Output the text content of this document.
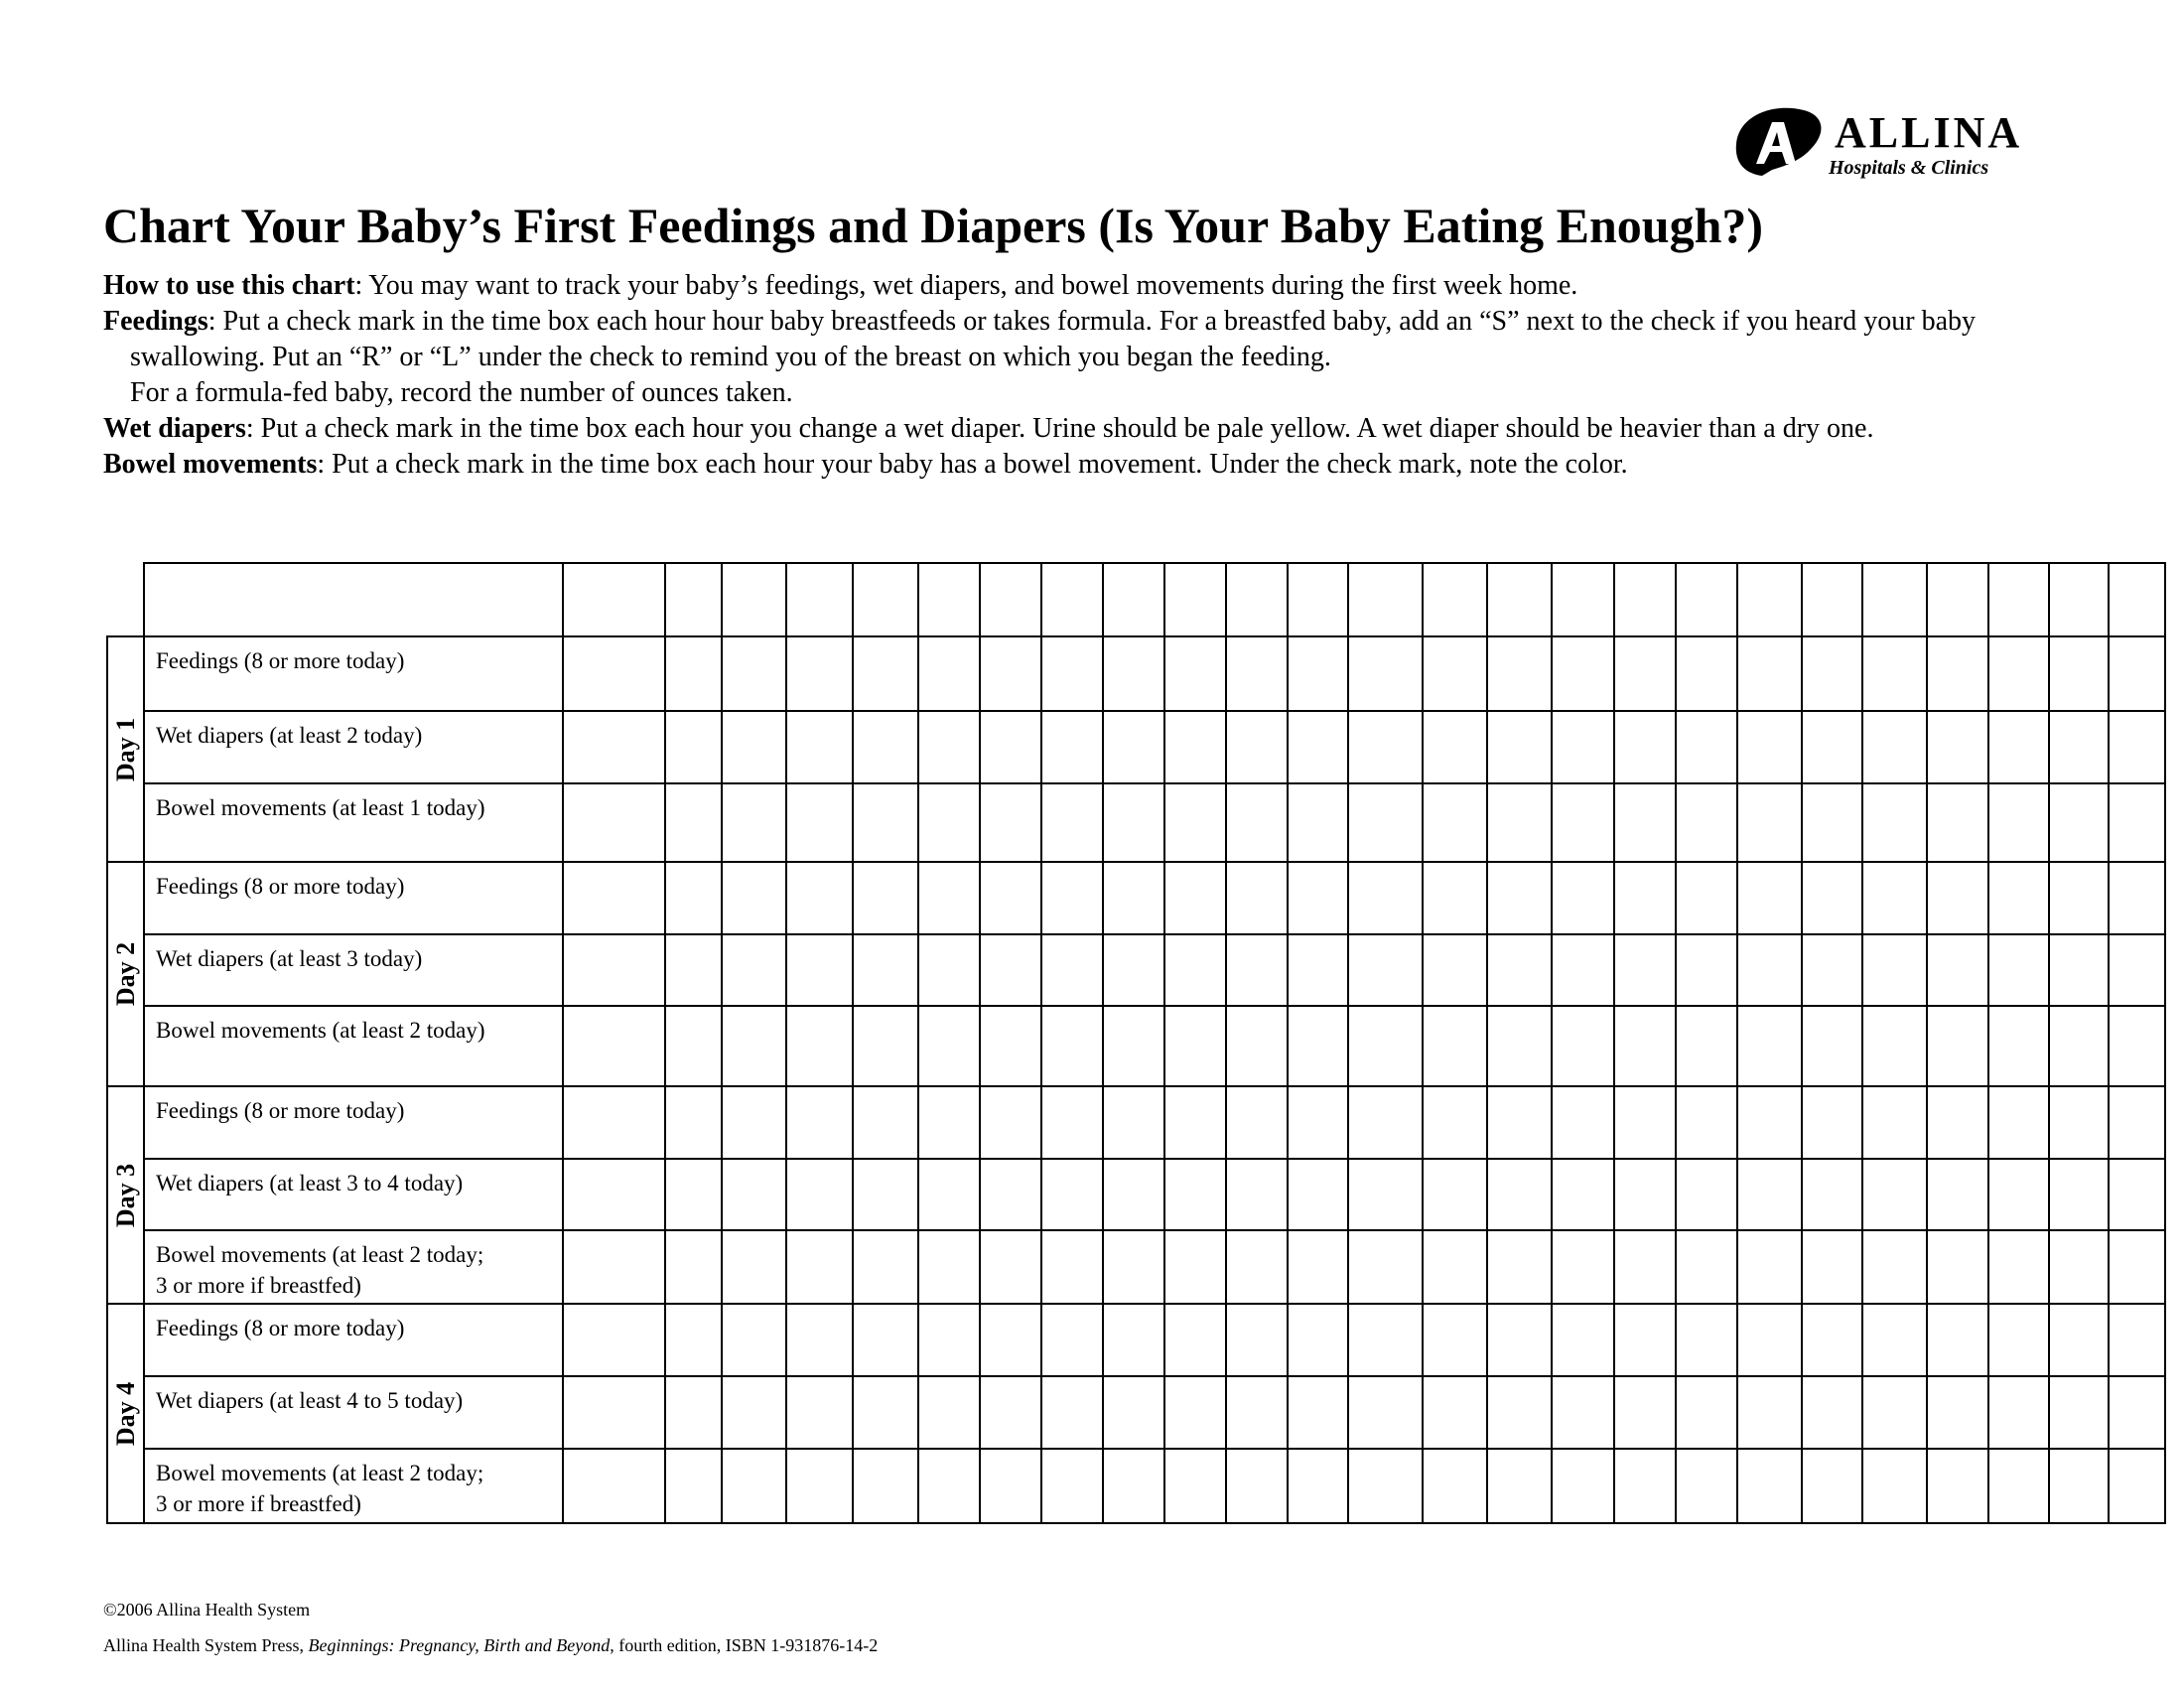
ALLINA
Hospitals & Clinics
Chart Your Baby’s First Feedings and Diapers (Is Your Baby Eating Enough?)

How to use this chart: You may want to track your baby’s feedings, wet diapers, and bowel movements during the first week home.

Feedings: Put a check mark in the time box each hour hour baby breastfeeds or takes formula. For a breastfed baby, add an “S” next to the check if you heard your baby swallowing. Put an “R” or “L” under the check to remind you of the breast on which you began the feeding.

For a formula-fed baby, record the number of ounces taken.

Wet diapers: Put a check mark in the time box each hour you change a wet diaper. Urine should be pale yellow. A wet diaper should be heavier than a dry one.

Bowel movements: Put a check mark in the time box each hour your baby has a bowel movement. Under the check mark, note the color.

Day 1	Feedings (8 or more today)																									

	Wet diapers (at least 2 today)																									

	Bowel movements (at least 1 today)																									

Day 2	Feedings (8 or more today)																									

	Wet diapers (at least 3 today)																									

	Bowel movements (at least 2 today)																									

Day 3	Feedings (8 or more today)																									

	Wet diapers (at least 3 to 4 today)																									

	Bowel movements (at least 2 today;
3 or more if breastfed)																									

Day 4	Feedings (8 or more today)																									

	Wet diapers (at least 4 to 5 today)																									

	Bowel movements (at least 2 today;
3 or more if breastfed)																									

©2006 Allina Health System

Allina Health System Press, Beginnings: Pregnancy, Birth and Beyond, fourth edition, ISBN 1-931876-14-2
